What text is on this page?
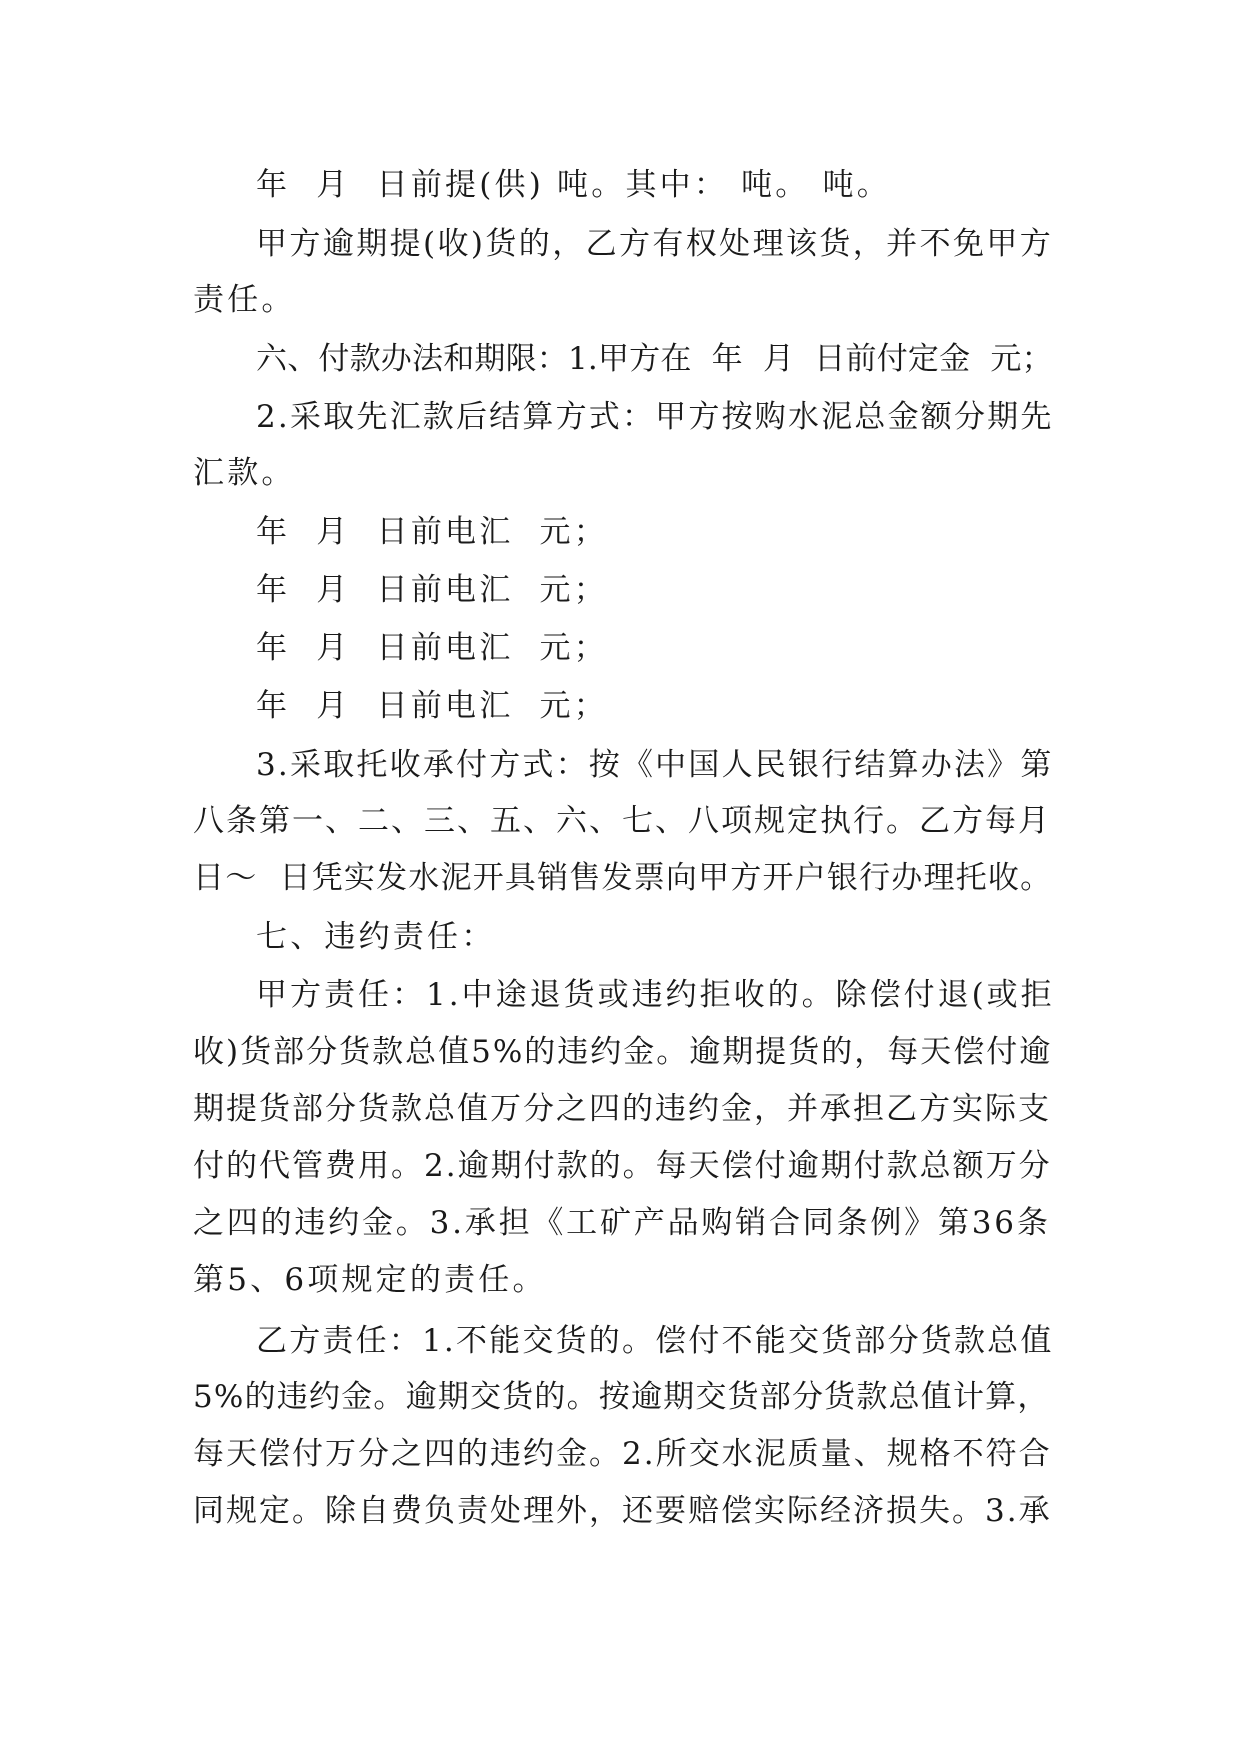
年  月  日前提(供) 吨。其中： 吨。 吨。
甲方逾期提(收)货的，乙方有权处理该货，并不免甲方
责任。
六、付款办法和期限：1.甲方在  年  月  日前付定金  元；
2.采取先汇款后结算方式：甲方按购水泥总金额分期先
汇款。
年  月  日前电汇  元；
年  月  日前电汇  元；
年  月  日前电汇  元；
年  月  日前电汇  元；
3.采取托收承付方式：按《中国人民银行结算办法》第
八条第一、二、三、五、六、七、八项规定执行。乙方每月
日～  日凭实发水泥开具销售发票向甲方开户银行办理托收。
七、违约责任：
甲方责任：1.中途退货或违约拒收的。除偿付退(或拒
收)货部分货款总值5%的违约金。逾期提货的，每天偿付逾
期提货部分货款总值万分之四的违约金，并承担乙方实际支
付的代管费用。2.逾期付款的。每天偿付逾期付款总额万分
之四的违约金。3.承担《工矿产品购销合同条例》第36条
第5、6项规定的责任。
乙方责任：1.不能交货的。偿付不能交货部分货款总值
5%的违约金。逾期交货的。按逾期交货部分货款总值计算，
每天偿付万分之四的违约金。2.所交水泥质量、规格不符合
同规定。除自费负责处理外，还要赔偿实际经济损失。3.承
